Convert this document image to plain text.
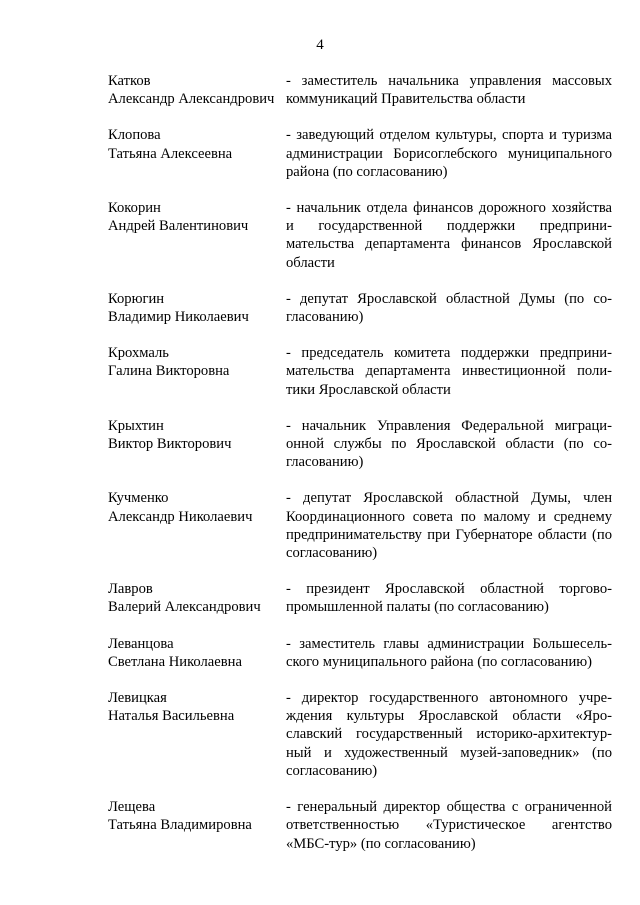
4
Катков
Александр Александрович
- заместитель начальника управления массовых коммуникаций Правительства области
Клопова
Татьяна Алексеевна
- заведующий отделом культуры, спорта и туризма администрации Борисоглебского муниципального района (по согласованию)
Кокорин
Андрей Валентинович
- начальник отдела финансов дорожного хозяйства и государственной поддержки предпринимательства департамента финансов Ярославской области
Корюгин
Владимир Николаевич
- депутат Ярославской областной Думы (по согласованию)
Крохмаль
Галина Викторовна
- председатель комитета поддержки предпринимательства департамента инвестиционной политики Ярославской области
Крыхтин
Виктор Викторович
- начальник Управления Федеральной миграционной службы по Ярославской области (по согласованию)
Кучменко
Александр Николаевич
- депутат Ярославской областной Думы, член Координационного совета по малому и среднему предпринимательству при Губернаторе области (по согласованию)
Лавров
Валерий Александрович
- президент Ярославской областной торгово-промышленной палаты (по согласованию)
Леванцова
Светлана Николаевна
- заместитель главы администрации Большесельского муниципального района (по согласованию)
Левицкая
Наталья Васильевна
- директор государственного автономного учреждения культуры Ярославской области «Ярославский государственный историко-архитектурный и художественный музей-заповедник» (по согласованию)
Лещева
Татьяна Владимировна
- генеральный директор общества с ограниченной ответственностью «Туристическое агентство «МБС-тур» (по согласованию)
